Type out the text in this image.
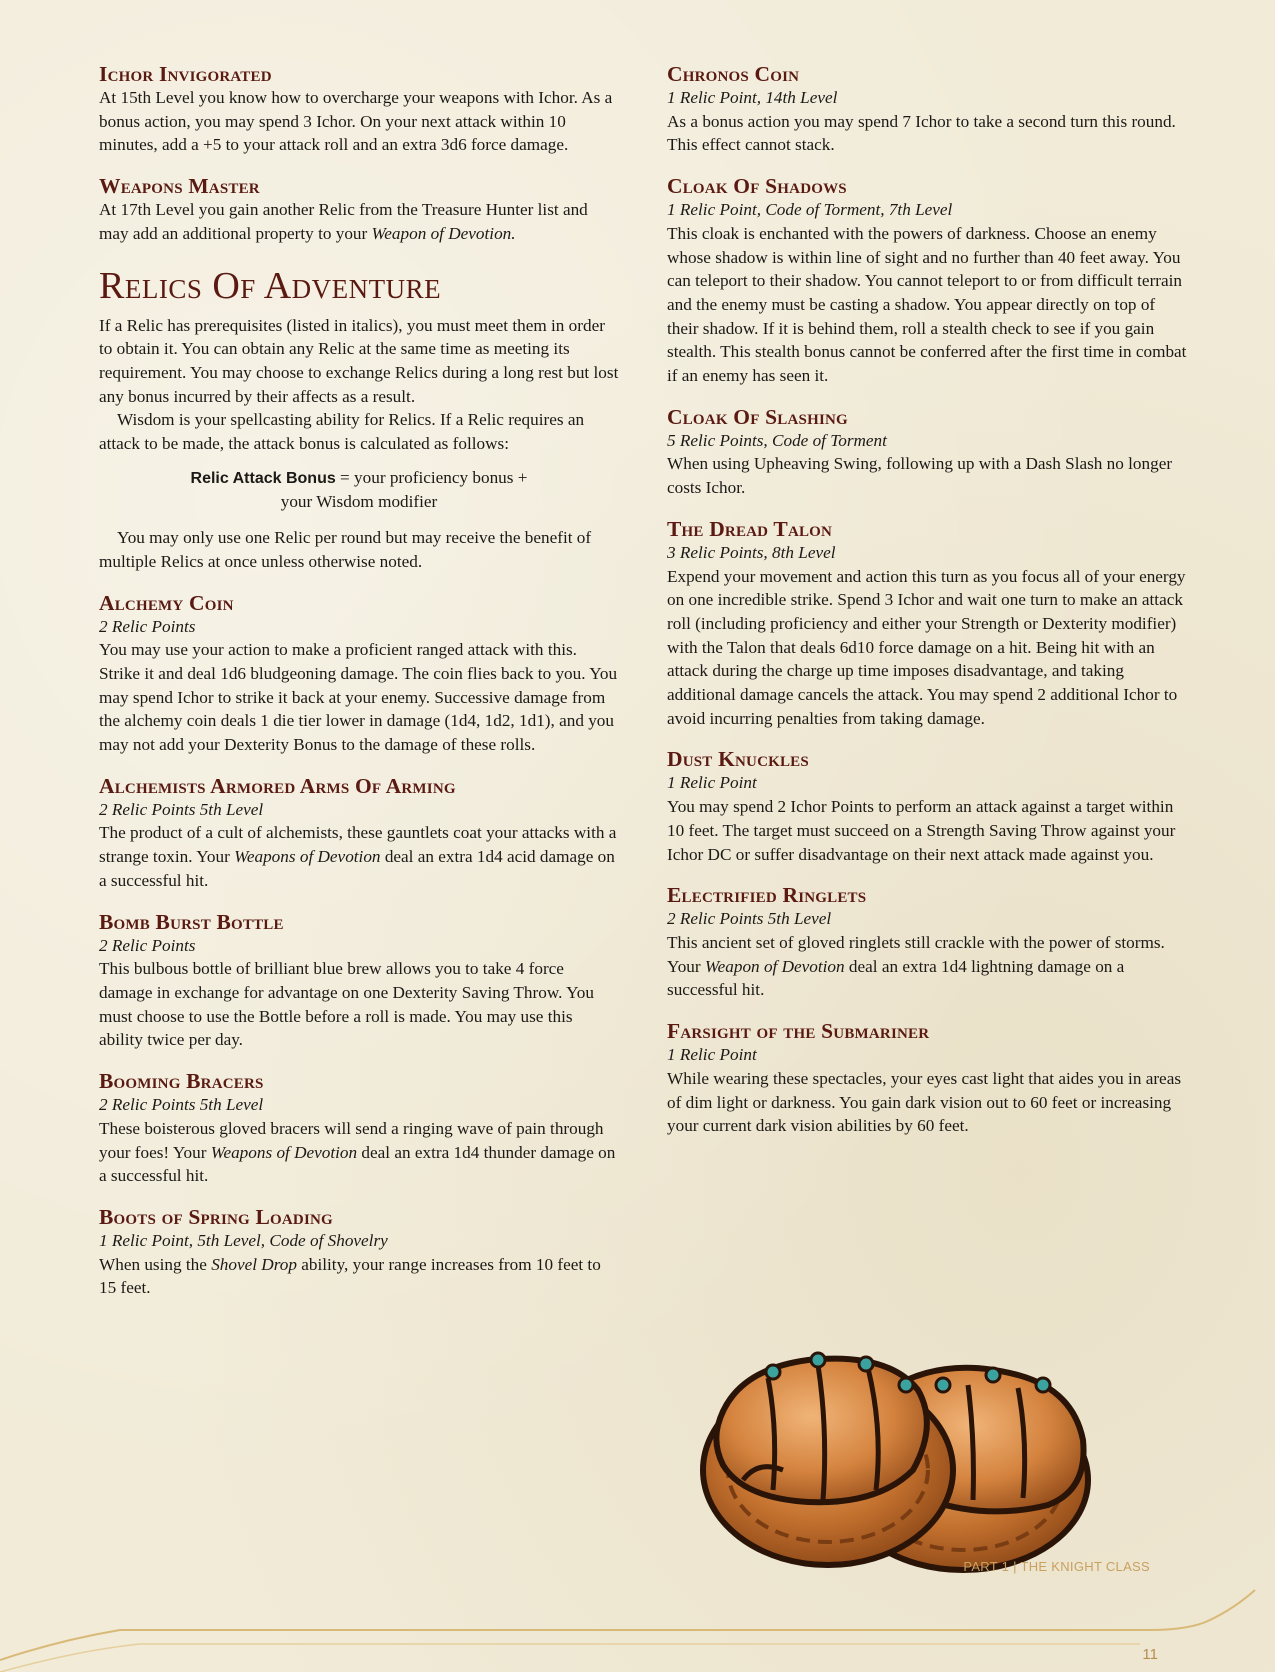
Ichor Invigorated

At 15th Level you know how to overcharge your weapons with Ichor. As a bonus action, you may spend 3 Ichor. On your next attack within 10 minutes, add a +5 to your attack roll and an extra 3d6 force damage.

Weapons Master

At 17th Level you gain another Relic from the Treasure Hunter list and may add an additional property to your Weapon of Devotion.

Relics Of Adventure

If a Relic has prerequisites (listed in italics), you must meet them in order to obtain it. You can obtain any Relic at the same time as meeting its requirement. You may choose to exchange Relics during a long rest but lost any bonus incurred by their affects as a result.

Wisdom is your spellcasting ability for Relics. If a Relic requires an attack to be made, the attack bonus is calculated as follows:

Relic Attack Bonus = your proficiency bonus +
your Wisdom modifier

You may only use one Relic per round but may receive the benefit of multiple Relics at once unless otherwise noted.

Alchemy Coin

2 Relic Points

You may use your action to make a proficient ranged attack with this. Strike it and deal 1d6 bludgeoning damage. The coin flies back to you. You may spend Ichor to strike it back at your enemy. Successive damage from the alchemy coin deals 1 die tier lower in damage (1d4, 1d2, 1d1), and you may not add your Dexterity Bonus to the damage of these rolls.

Alchemists Armored Arms Of Arming

2 Relic Points 5th Level

The product of a cult of alchemists, these gauntlets coat your attacks with a strange toxin. Your Weapons of Devotion deal an extra 1d4 acid damage on a successful hit.

Bomb Burst Bottle

2 Relic Points

This bulbous bottle of brilliant blue brew allows you to take 4 force damage in exchange for advantage on one Dexterity Saving Throw. You must choose to use the Bottle before a roll is made. You may use this ability twice per day.

Booming Bracers

2 Relic Points 5th Level

These boisterous gloved bracers will send a ringing wave of pain through your foes! Your Weapons of Devotion deal an extra 1d4 thunder damage on a successful hit.

Boots of Spring Loading

1 Relic Point, 5th Level, Code of Shovelry

When using the Shovel Drop ability, your range increases from 10 feet to 15 feet.

Chronos Coin

1 Relic Point, 14th Level

As a bonus action you may spend 7 Ichor to take a second turn this round. This effect cannot stack.

Cloak Of Shadows

1 Relic Point, Code of Torment, 7th Level

This cloak is enchanted with the powers of darkness. Choose an enemy whose shadow is within line of sight and no further than 40 feet away. You can teleport to their shadow. You cannot teleport to or from difficult terrain and the enemy must be casting a shadow. You appear directly on top of their shadow. If it is behind them, roll a stealth check to see if you gain stealth. This stealth bonus cannot be conferred after the first time in combat if an enemy has seen it.

Cloak Of Slashing

5 Relic Points, Code of Torment

When using Upheaving Swing, following up with a Dash Slash no longer costs Ichor.

The Dread Talon

3 Relic Points, 8th Level

Expend your movement and action this turn as you focus all of your energy on one incredible strike. Spend 3 Ichor and wait one turn to make an attack roll (including proficiency and either your Strength or Dexterity modifier) with the Talon that deals 6d10 force damage on a hit. Being hit with an attack during the charge up time imposes disadvantage, and taking additional damage cancels the attack. You may spend 2 additional Ichor to avoid incurring penalties from taking damage.

Dust Knuckles

1 Relic Point

You may spend 2 Ichor Points to perform an attack against a target within 10 feet. The target must succeed on a Strength Saving Throw against your Ichor DC or suffer disadvantage on their next attack made against you.

Electrified Ringlets

2 Relic Points 5th Level

This ancient set of gloved ringlets still crackle with the power of storms. Your Weapon of Devotion deal an extra 1d4 lightning damage on a successful hit.

Farsight of the Submariner

1 Relic Point

While wearing these spectacles, your eyes cast light that aides you in areas of dim light or darkness. You gain dark vision out to 60 feet or increasing your current dark vision abilities by 60 feet.

PART 1 | THE KNIGHT CLASS
11
